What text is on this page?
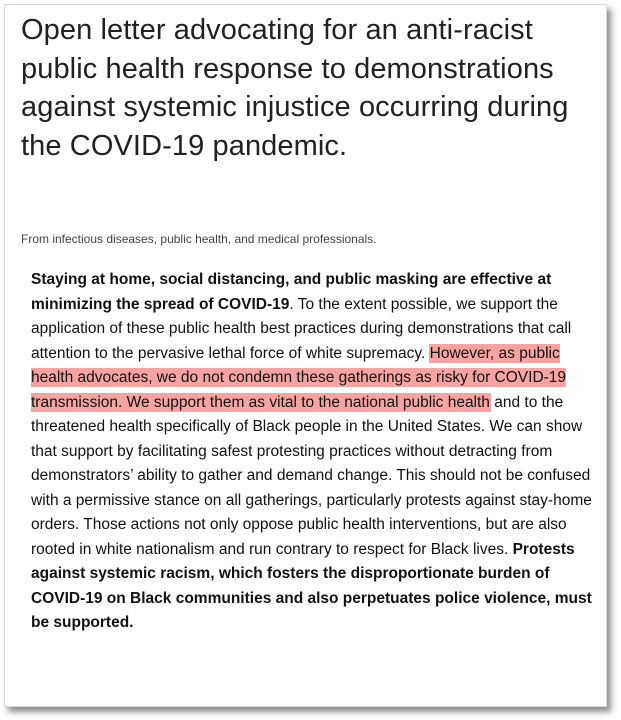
Open letter advocating for an anti-racist public health response to demonstrations against systemic injustice occurring during the COVID-19 pandemic.

From infectious diseases, public health, and medical professionals.

Staying at home, social distancing, and public masking are effective at minimizing the spread of COVID-19. To the extent possible, we support the application of these public health best practices during demonstrations that call attention to the pervasive lethal force of white supremacy. However, as public health advocates, we do not condemn these gatherings as risky for COVID-19 transmission. We support them as vital to the national public health and to the threatened health specifically of Black people in the United States. We can show that support by facilitating safest protesting practices without detracting from demonstrators’ ability to gather and demand change. This should not be confused with a permissive stance on all gatherings, particularly protests against stay-home orders. Those actions not only oppose public health interventions, but are also rooted in white nationalism and run contrary to respect for Black lives. Protests against systemic racism, which fosters the disproportionate burden of COVID-19 on Black communities and also perpetuates police violence, must be supported.
